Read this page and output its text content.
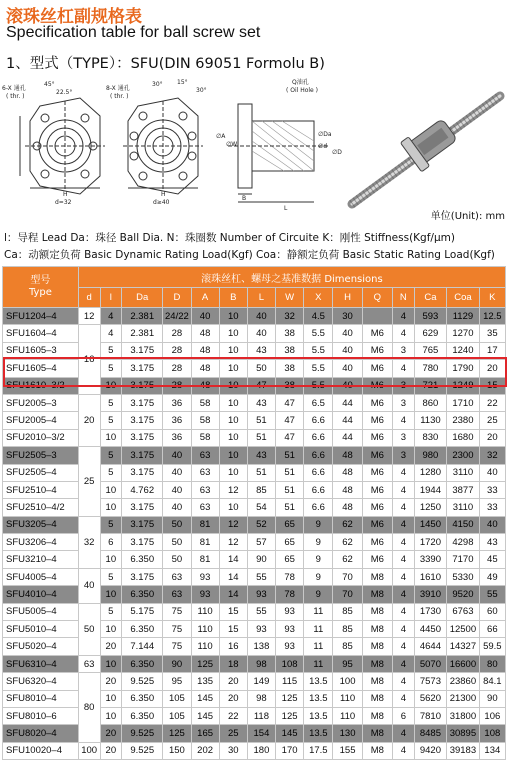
滚珠丝杠副规格表
Specification table for ball screw set
1、型式（TYPE）：SFU(DIN 69051 Formolu B)
6-X 通孔
( thr. )
45°
22.5°
H
d=32
8-X 通孔
( thr. )
30° 15°
30°
H
d≥40
Q油孔
( Oil Hole )
∅A
∅W
∅Da
∅d
∅D
B
L
单位(Unit): mm
l：导程 Lead Da：珠径 Ball Dia. N：珠圈数 Number of Circuite K：刚性 Stiffness(Kgf/μm)
Ca：动额定负荷 Basic Dynamic Rating Load(Kgf) Coa：静额定负荷 Basic Static Rating Load(Kgf)
型号
Type	滚珠丝杠、螺母之基准数据 Dimensions														
	d	l	Da	D	A	B	L	W	X	H	Q	N	Ca	Coa	K
SFU1204–4	12	4	2.381	24/22	40	10	40	32	4.5	30		4	593	1129	12.5
SFU1604–4	16	4	2.381	28	48	10	40	38	5.5	40	M6	4	629	1270	35
SFU1605–3		5	3.175	28	48	10	43	38	5.5	40	M6	3	765	1240	17
SFU1605–4		5	3.175	28	48	10	50	38	5.5	40	M6	4	780	1790	20
SFU1610–3/2		10	3.175	28	48	10	47	38	5.5	40	M6	3	721	1249	15
SFU2005–3	20	5	3.175	36	58	10	43	47	6.5	44	M6	3	860	1710	22
SFU2005–4		5	3.175	36	58	10	51	47	6.6	44	M6	4	1130	2380	25
SFU2010–3/2		10	3.175	36	58	10	51	47	6.6	44	M6	3	830	1680	20
SFU2505–3	25	5	3.175	40	63	10	43	51	6.6	48	M6	3	980	2300	32
SFU2505–4		5	3.175	40	63	10	51	51	6.6	48	M6	4	1280	3110	40
SFU2510–4		10	4.762	40	63	12	85	51	6.6	48	M6	4	1944	3877	33
SFU2510–4/2		10	3.175	40	63	10	54	51	6.6	48	M6	4	1250	3110	33
SFU3205–4	32	5	3.175	50	81	12	52	65	9	62	M6	4	1450	4150	40
SFU3206–4		6	3.175	50	81	12	57	65	9	62	M6	4	1720	4298	43
SFU3210–4		10	6.350	50	81	14	90	65	9	62	M6	4	3390	7170	45
SFU4005–4	40	5	3.175	63	93	14	55	78	9	70	M8	4	1610	5330	49
SFU4010–4		10	6.350	63	93	14	93	78	9	70	M8	4	3910	9520	55
SFU5005–4	50	5	5.175	75	110	15	55	93	11	85	M8	4	1730	6763	60
SFU5010–4		10	6.350	75	110	15	93	93	11	85	M8	4	4450	12500	66
SFU5020–4		20	7.144	75	110	16	138	93	11	85	M8	4	4644	14327	59.5
SFU6310–4	63	10	6.350	90	125	18	98	108	11	95	M8	4	5070	16600	80
SFU6320–4	80	20	9.525	95	135	20	149	115	13.5	100	M8	4	7573	23860	84.1
SFU8010–4		10	6.350	105	145	20	98	125	13.5	110	M8	4	5620	21300	90
SFU8010–6		10	6.350	105	145	22	118	125	13.5	110	M8	6	7810	31800	106
SFU8020–4		20	9.525	125	165	25	154	145	13.5	130	M8	4	8485	30895	108
SFU10020–4	100	20	9.525	150	202	30	180	170	17.5	155	M8	4	9420	39183	134
